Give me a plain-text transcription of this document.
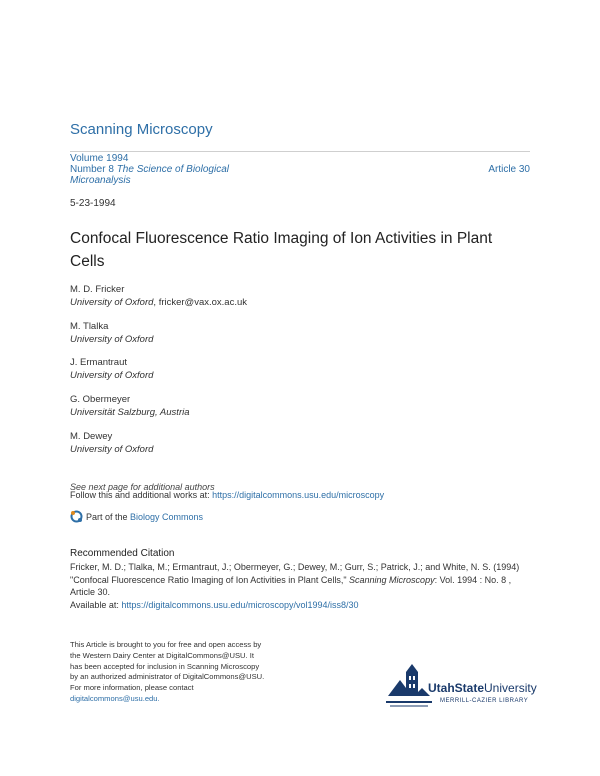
Scanning Microscopy
Volume 1994
Number 8 The Science of Biological
Microanalysis
Article 30
5-23-1994
Confocal Fluorescence Ratio Imaging of Ion Activities in Plant Cells
M. D. Fricker
University of Oxford, fricker@vax.ox.ac.uk
M. Tlalka
University of Oxford
J. Ermantraut
University of Oxford
G. Obermeyer
Universität Salzburg, Austria
M. Dewey
University of Oxford
See next page for additional authors
Follow this and additional works at: https://digitalcommons.usu.edu/microscopy
Part of the Biology Commons
Recommended Citation
Fricker, M. D.; Tlalka, M.; Ermantraut, J.; Obermeyer, G.; Dewey, M.; Gurr, S.; Patrick, J.; and White, N. S. (1994) "Confocal Fluorescence Ratio Imaging of Ion Activities in Plant Cells," Scanning Microscopy: Vol. 1994 : No. 8 , Article 30.
Available at: https://digitalcommons.usu.edu/microscopy/vol1994/iss8/30
This Article is brought to you for free and open access by
the Western Dairy Center at DigitalCommons@USU. It
has been accepted for inclusion in Scanning Microscopy
by an authorized administrator of DigitalCommons@USU.
For more information, please contact
digitalcommons@usu.edu.
UtahStateUniversity
MERRILL-CAZIER LIBRARY
